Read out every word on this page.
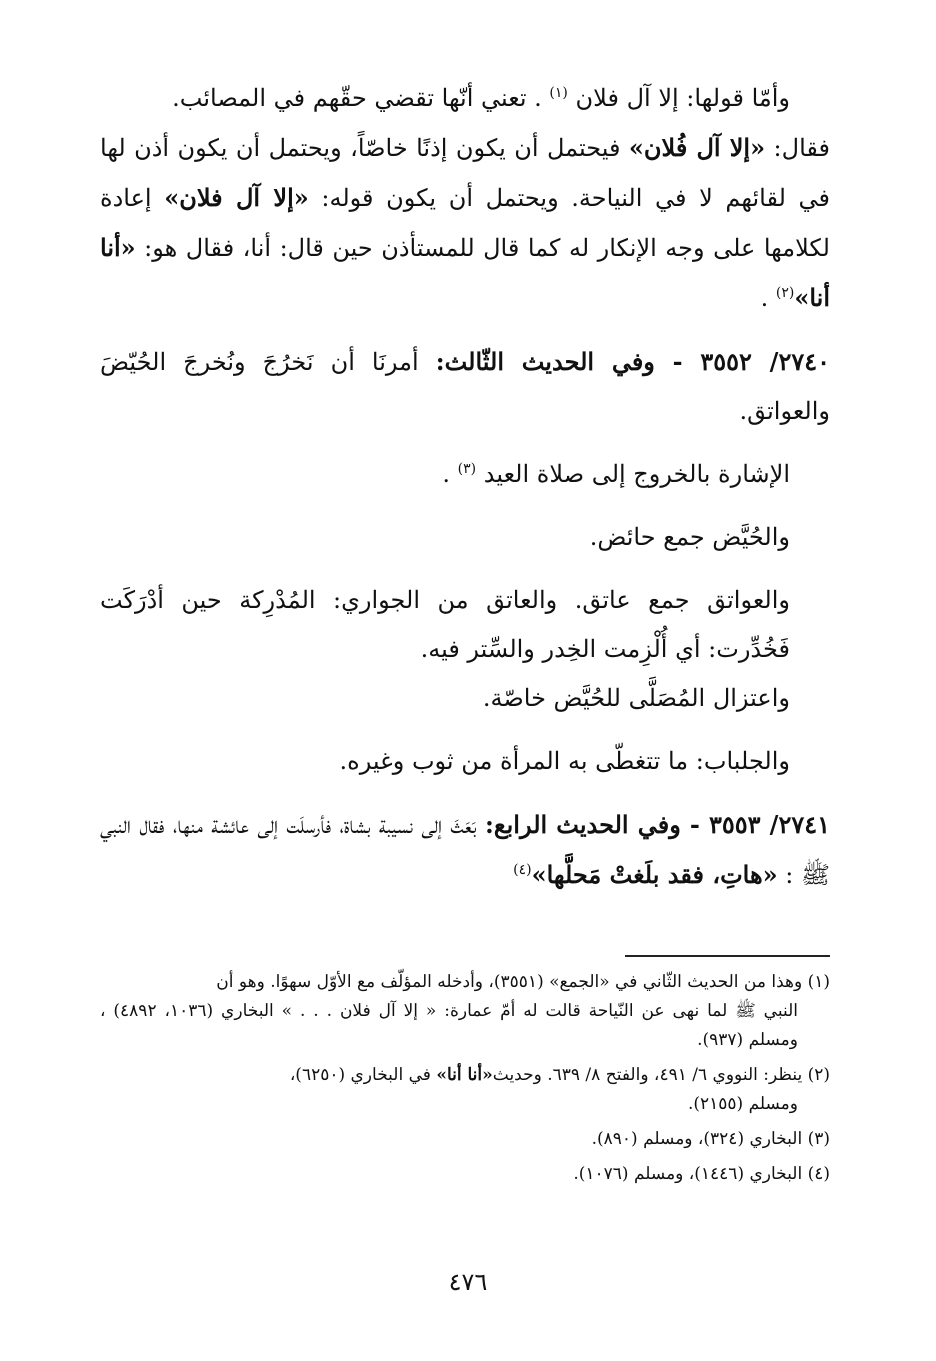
وأمّا قولها: إلا آل فلان $^{(١)}$ . تعني أنّها تقضي حقّهم في المصائب.

فقال: «إلا آل فُلان» فيحتمل أن يكون إذنًا خاصّاً، ويحتمل أن يكون أذن لها في لقائهم لا في النياحة. ويحتمل أن يكون قوله: «إلا آل فلان» إعادة لكلامها على وجه الإنكار له كما قال للمستأذن حين قال: أنا، فقال هو: «أنا أنا»$^{(٢)}$ .

٢٧٤٠/ ٣٥٥٢ - وفي الحديث الثّالث: أمرنَا أن نَخرُجَ ونُخرجَ الحُيّضَ والعواتق.

الإشارة بالخروج إلى صلاة العيد $^{(٣)}$ .

والحُيَّض جمع حائض.

والعواتق جمع عاتق. والعاتق من الجواري: المُدْرِكة حين أدْرَكَت فَخُدِّرت: أي أُلْزِمت الخِدر والسِّتر فيه.

واعتزال المُصَلَّى للحُيَّض خاصّة.

والجلباب: ما تتغطّى به المرأة من ثوب وغيره.

٢٧٤١/ ٣٥٥٣ - وفي الحديث الرابع: بَعَثَ إلى نسيبة بشاة، فأرسلَت إلى عائشة منها، فقال النبي ﷺ : «هاتِ، فقد بلَغتْ مَحلَّها»$^{(٤)}$

(١) وهذا من الحديث الثّاني في «الجمع» (٣٥٥١)، وأدخله المؤلّف مع الأوّل سهوًا. وهو أن
النبي ﷺ لما نهى عن النّياحة قالت له أمّ عمارة: « إلا آل فلان . . . » البخاري (١٠٣٦، ٤٨٩٢) ، ومسلم (٩٣٧).

(٢) ينظر: النووي ٦/ ٤٩١، والفتح ٨/ ٦٣٩. وحديث«أنا أنا» في البخاري (٦٢٥٠)،
ومسلم (٢١٥٥).

(٣) البخاري (٣٢٤)، ومسلم (٨٩٠).

(٤) البخاري (١٤٤٦)، ومسلم (١٠٧٦).

٤٧٦
